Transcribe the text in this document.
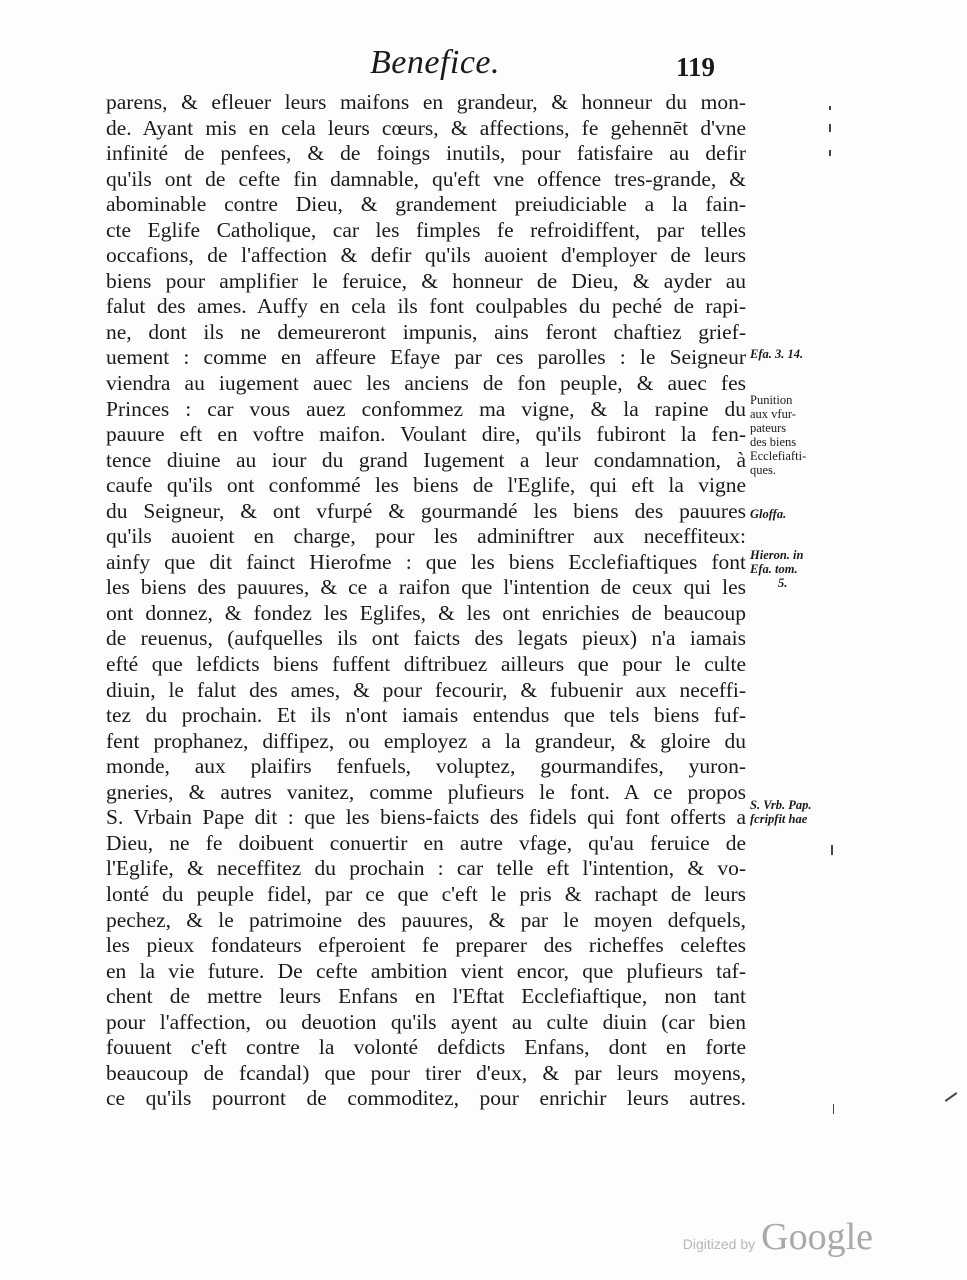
Benefice.	119
parens, & efleuer leurs maifons en grandeur, & honneur du mon-
de. Ayant mis en cela leurs cœurs, & affections, fe gehennēt d'vne
infinité de penfees, & de foings inutils, pour fatisfaire au defir
qu'ils ont de cefte fin damnable, qu'eft vne offence tres-grande, &
abominable contre Dieu, & grandement preiudiciable a la fain-
cte Eglife Catholique, car les fimples fe refroidiffent, par telles
occafions, de l'affection & defir qu'ils auoient d'employer de leurs
biens pour amplifier le feruice, & honneur de Dieu, & ayder au
falut des ames. Auffy en cela ils font coulpables du peché de rapi-
ne, dont ils ne demeureront impunis, ains feront chaftiez grief-
uement : comme en affeure Efaye par ces parolles : le Seigneur
viendra au iugement auec les anciens de fon peuple, & auec fes
Princes : car vous auez confommez ma vigne, & la rapine du
pauure eft en voftre maifon. Voulant dire, qu'ils fubiront la fen-
tence diuine au iour du grand Iugement a leur condamnation, à
caufe qu'ils ont confommé les biens de l'Eglife, qui eft la vigne
du Seigneur, & ont vfurpé & gourmandé les biens des pauures
qu'ils auoient en charge, pour les adminiftrer aux neceffiteux:
ainfy que dit fainct Hierofme : que les biens Ecclefiaftiques font
les biens des pauures, & ce a raifon que l'intention de ceux qui les
ont donnez, & fondez les Eglifes, & les ont enrichies de beaucoup
de reuenus, (aufquelles ils ont faicts des legats pieux) n'a iamais
efté que lefdicts biens fuffent diftribuez ailleurs que pour le culte
diuin, le falut des ames, & pour fecourir, & fubuenir aux neceffi-
tez du prochain. Et ils n'ont iamais entendus que tels biens fuf-
fent prophanez, diffipez, ou employez a la grandeur, & gloire du
monde, aux plaifirs fenfuels, voluptez, gourmandifes, yuron-
gneries, & autres vanitez, comme plufieurs le font. A ce propos
S. Vrbain Pape dit : que les biens-faicts des fidels qui font offerts a
Dieu, ne fe doibuent conuertir en autre vfage, qu'au feruice de
l'Eglife, & neceffitez du prochain : car telle eft l'intention, & vo-
lonté du peuple fidel, par ce que c'eft le pris & rachapt de leurs
pechez, & le patrimoine des pauures, & par le moyen defquels,
les pieux fondateurs efperoient fe preparer des richeffes celeftes
en la vie future. De cefte ambition vient encor, que plufieurs taf-
chent de mettre leurs Enfans en l'Eftat Ecclefiaftique, non tant
pour l'affection, ou deuotion qu'ils ayent au culte diuin (car bien
fouuent c'eft contre la volonté defdicts Enfans, dont en forte
beaucoup de fcandal) que pour tirer d'eux, & par leurs moyens,
ce qu'ils pourront de commoditez, pour enrichir leurs autres.
Efa. 3. 14.
Punition
aux vfur-
pateurs
des biens
Ecclefiafti-
ques.
Gloffa.
Hieron. in
Efa. tom.
5.
S. Vrb. Pap.
fcripfit hae
Digitized by Google
